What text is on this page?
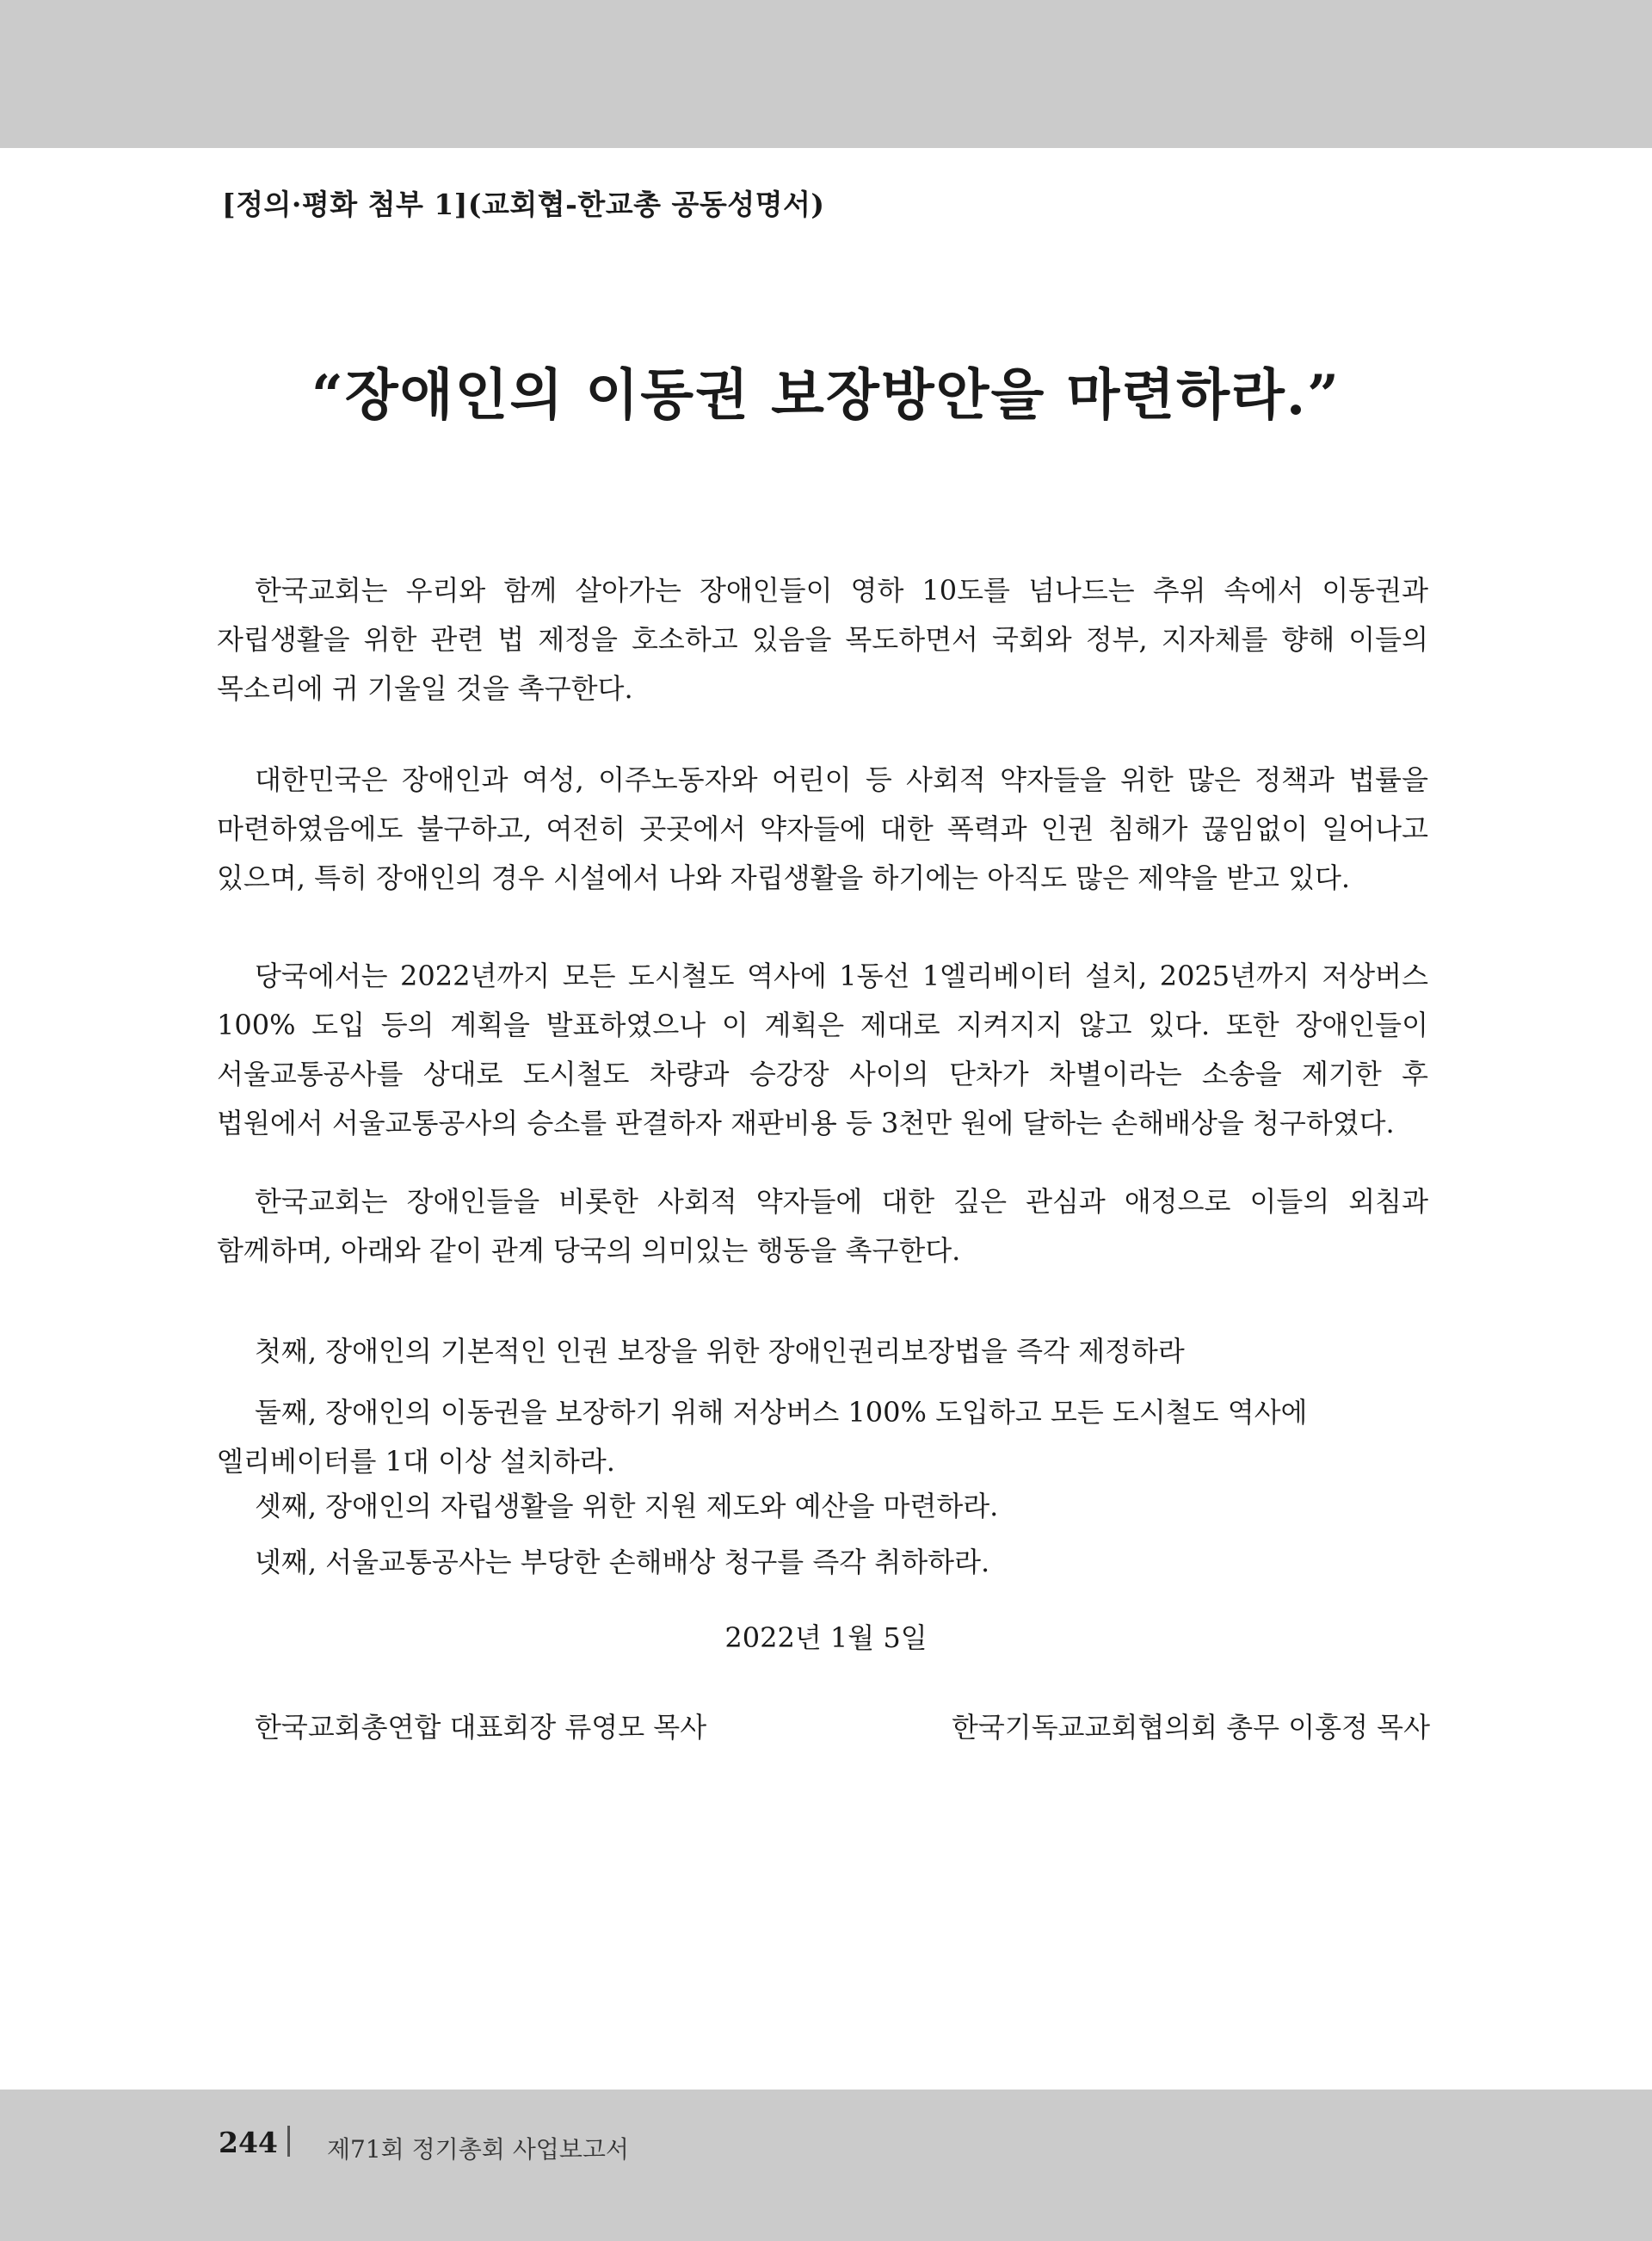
[정의·평화 첨부 1](교회협-한교총 공동성명서)
“장애인의 이동권 보장방안을 마련하라.”

한국교회는 우리와 함께 살아가는 장애인들이 영하 10도를 넘나드는 추위 속에서 이동권과 자립생활을 위한 관련 법 제정을 호소하고 있음을 목도하면서 국회와 정부, 지자체를 향해 이들의 목소리에 귀 기울일 것을 촉구한다.

대한민국은 장애인과 여성, 이주노동자와 어린이 등 사회적 약자들을 위한 많은 정책과 법률을 마련하였음에도 불구하고, 여전히 곳곳에서 약자들에 대한 폭력과 인권 침해가 끊임없이 일어나고 있으며, 특히 장애인의 경우 시설에서 나와 자립생활을 하기에는 아직도 많은 제약을 받고 있다.

당국에서는 2022년까지 모든 도시철도 역사에 1동선 1엘리베이터 설치, 2025년까지 저상버스 100% 도입 등의 계획을 발표하였으나 이 계획은 제대로 지켜지지 않고 있다. 또한 장애인들이 서울교통공사를 상대로 도시철도 차량과 승강장 사이의 단차가 차별이라는 소송을 제기한 후 법원에서 서울교통공사의 승소를 판결하자 재판비용 등 3천만 원에 달하는 손해배상을 청구하였다.

한국교회는 장애인들을 비롯한 사회적 약자들에 대한 깊은 관심과 애정으로 이들의 외침과 함께하며, 아래와 같이 관계 당국의 의미있는 행동을 촉구한다.

첫째, 장애인의 기본적인 인권 보장을 위한 장애인권리보장법을 즉각 제정하라

둘째, 장애인의 이동권을 보장하기 위해 저상버스 100% 도입하고 모든 도시철도 역사에 엘리베이터를 1대 이상 설치하라.

셋째, 장애인의 자립생활을 위한 지원 제도와 예산을 마련하라.

넷째, 서울교통공사는 부당한 손해배상 청구를 즉각 취하하라.

2022년 1월 5일
한국교회총연합 대표회장 류영모 목사	한국기독교교회협의회 총무 이홍정 목사
244 제71회 정기총회 사업보고서
